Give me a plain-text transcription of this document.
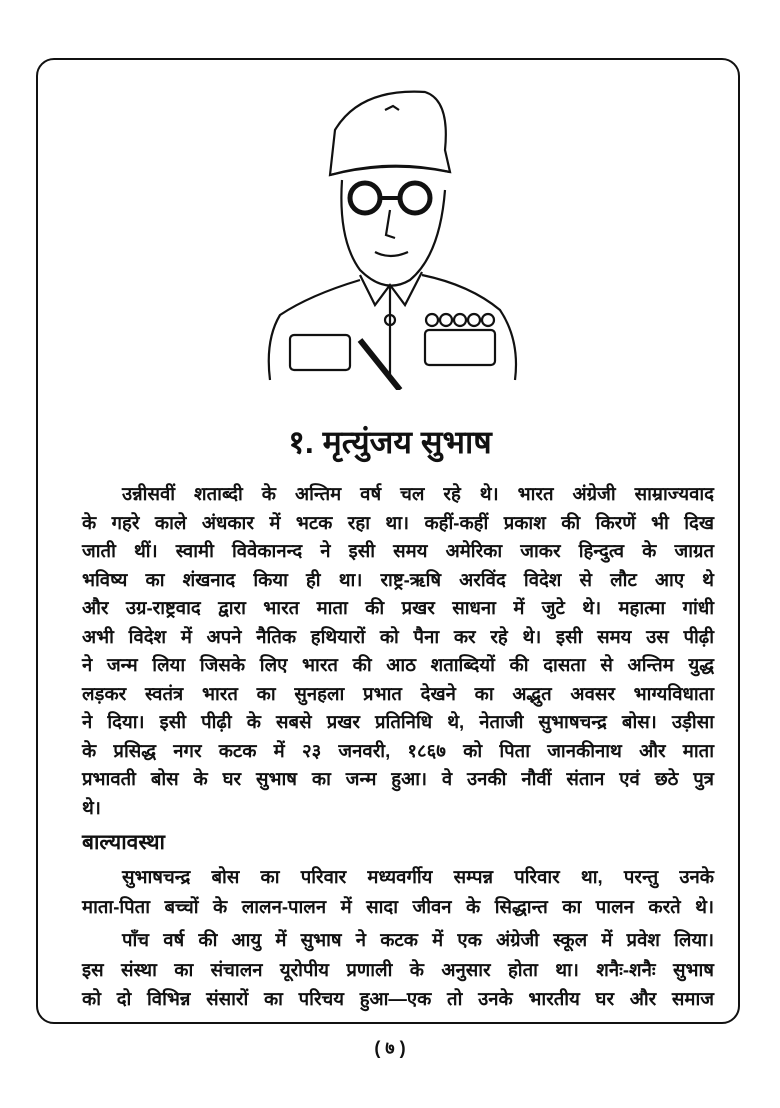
१. मृत्युंजय सुभाष
उन्नीसवीं शताब्दी के अन्तिम वर्ष चल रहे थे। भारत अंग्रेजी साम्राज्यवाद
के गहरे काले अंधकार में भटक रहा था। कहीं-कहीं प्रकाश की किरणें भी दिख
जाती थीं। स्वामी विवेकानन्द ने इसी समय अमेरिका जाकर हिन्दुत्व के जाग्रत
भविष्य का शंखनाद किया ही था। राष्ट्र-ऋषि अरविंद विदेश से लौट आए थे
और उग्र-राष्ट्रवाद द्वारा भारत माता की प्रखर साधना में जुटे थे। महात्मा गांधी
अभी विदेश में अपने नैतिक हथियारों को पैना कर रहे थे। इसी समय उस पीढ़ी
ने जन्म लिया जिसके लिए भारत की आठ शताब्दियों की दासता से अन्तिम युद्ध
लड़कर स्वतंत्र भारत का सुनहला प्रभात देखने का अद्भुत अवसर भाग्यविधाता
ने दिया। इसी पीढ़ी के सबसे प्रखर प्रतिनिधि थे, नेताजी सुभाषचन्द्र बोस। उड़ीसा
के प्रसिद्ध नगर कटक में २३ जनवरी, १८६७ को पिता जानकीनाथ और माता
प्रभावती बोस के घर सुभाष का जन्म हुआ। वे उनकी नौवीं संतान एवं छठे पुत्र
थे।
बाल्यावस्था
सुभाषचन्द्र बोस का परिवार मध्यवर्गीय सम्पन्न परिवार था, परन्तु उनके
माता-पिता बच्चों के लालन-पालन में सादा जीवन के सिद्धान्त का पालन करते थे।
पाँच वर्ष की आयु में सुभाष ने कटक में एक अंग्रेजी स्कूल में प्रवेश लिया।
इस संस्था का संचालन यूरोपीय प्रणाली के अनुसार होता था। शनैः-शनैः सुभाष
को दो विभिन्न संसारों का परिचय हुआ—एक तो उनके भारतीय घर और समाज
( ७ )
